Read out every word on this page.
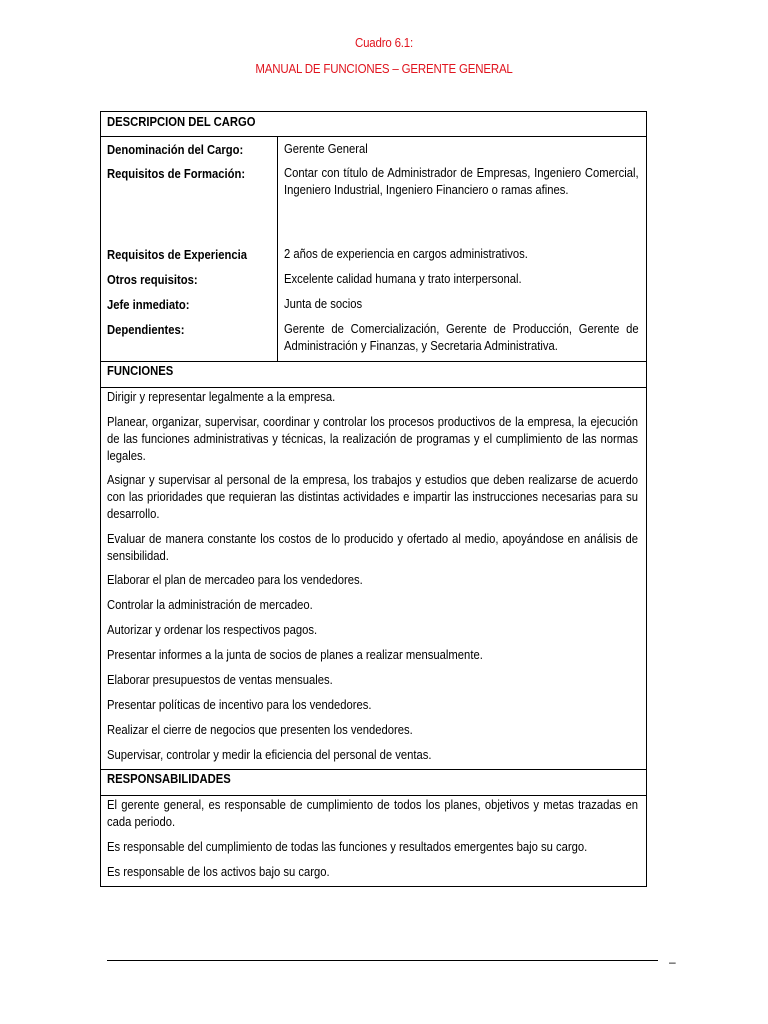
Cuadro 6.1:
MANUAL DE FUNCIONES – GERENTE GENERAL
DESCRIPCION DEL CARGO
Denominación del Cargo:	Gerente General
Requisitos de Formación:	Contar con título de Administrador de Empresas, Ingeniero Comercial, Ingeniero Industrial, Ingeniero Financiero o ramas afines.
Requisitos de Experiencia	2 años de experiencia en cargos administrativos.
Otros requisitos:	Excelente calidad humana y trato interpersonal.
Jefe inmediato:	Junta de socios
Dependientes:	Gerente de Comercialización, Gerente de Producción, Gerente de Administración y Finanzas, y Secretaria Administrativa.
FUNCIONES
Dirigir y representar legalmente a la empresa.
Planear, organizar, supervisar, coordinar y controlar los procesos productivos de la empresa, la ejecución de las funciones administrativas y técnicas, la realización de programas y el cumplimiento de las normas legales.
Asignar y supervisar al personal de la empresa, los trabajos y estudios que deben realizarse de acuerdo con las prioridades que requieran las distintas actividades e impartir las instrucciones necesarias para su desarrollo.
Evaluar de manera constante los costos de lo producido y ofertado al medio, apoyándose en análisis de sensibilidad.
Elaborar el plan de mercadeo para los vendedores.
Controlar la administración de mercadeo.
Autorizar y ordenar los respectivos pagos.
Presentar informes a la junta de socios de planes a realizar mensualmente.
Elaborar presupuestos de ventas mensuales.
Presentar políticas de incentivo para los vendedores.
Realizar el cierre de negocios que presenten los vendedores.
Supervisar, controlar y medir la eficiencia del personal de ventas.
RESPONSABILIDADES
El gerente general, es responsable de cumplimiento de todos los planes, objetivos y metas trazadas en cada periodo.
Es responsable del cumplimiento de todas las funciones y resultados emergentes bajo su cargo.
Es responsable de los activos bajo su cargo.
–
